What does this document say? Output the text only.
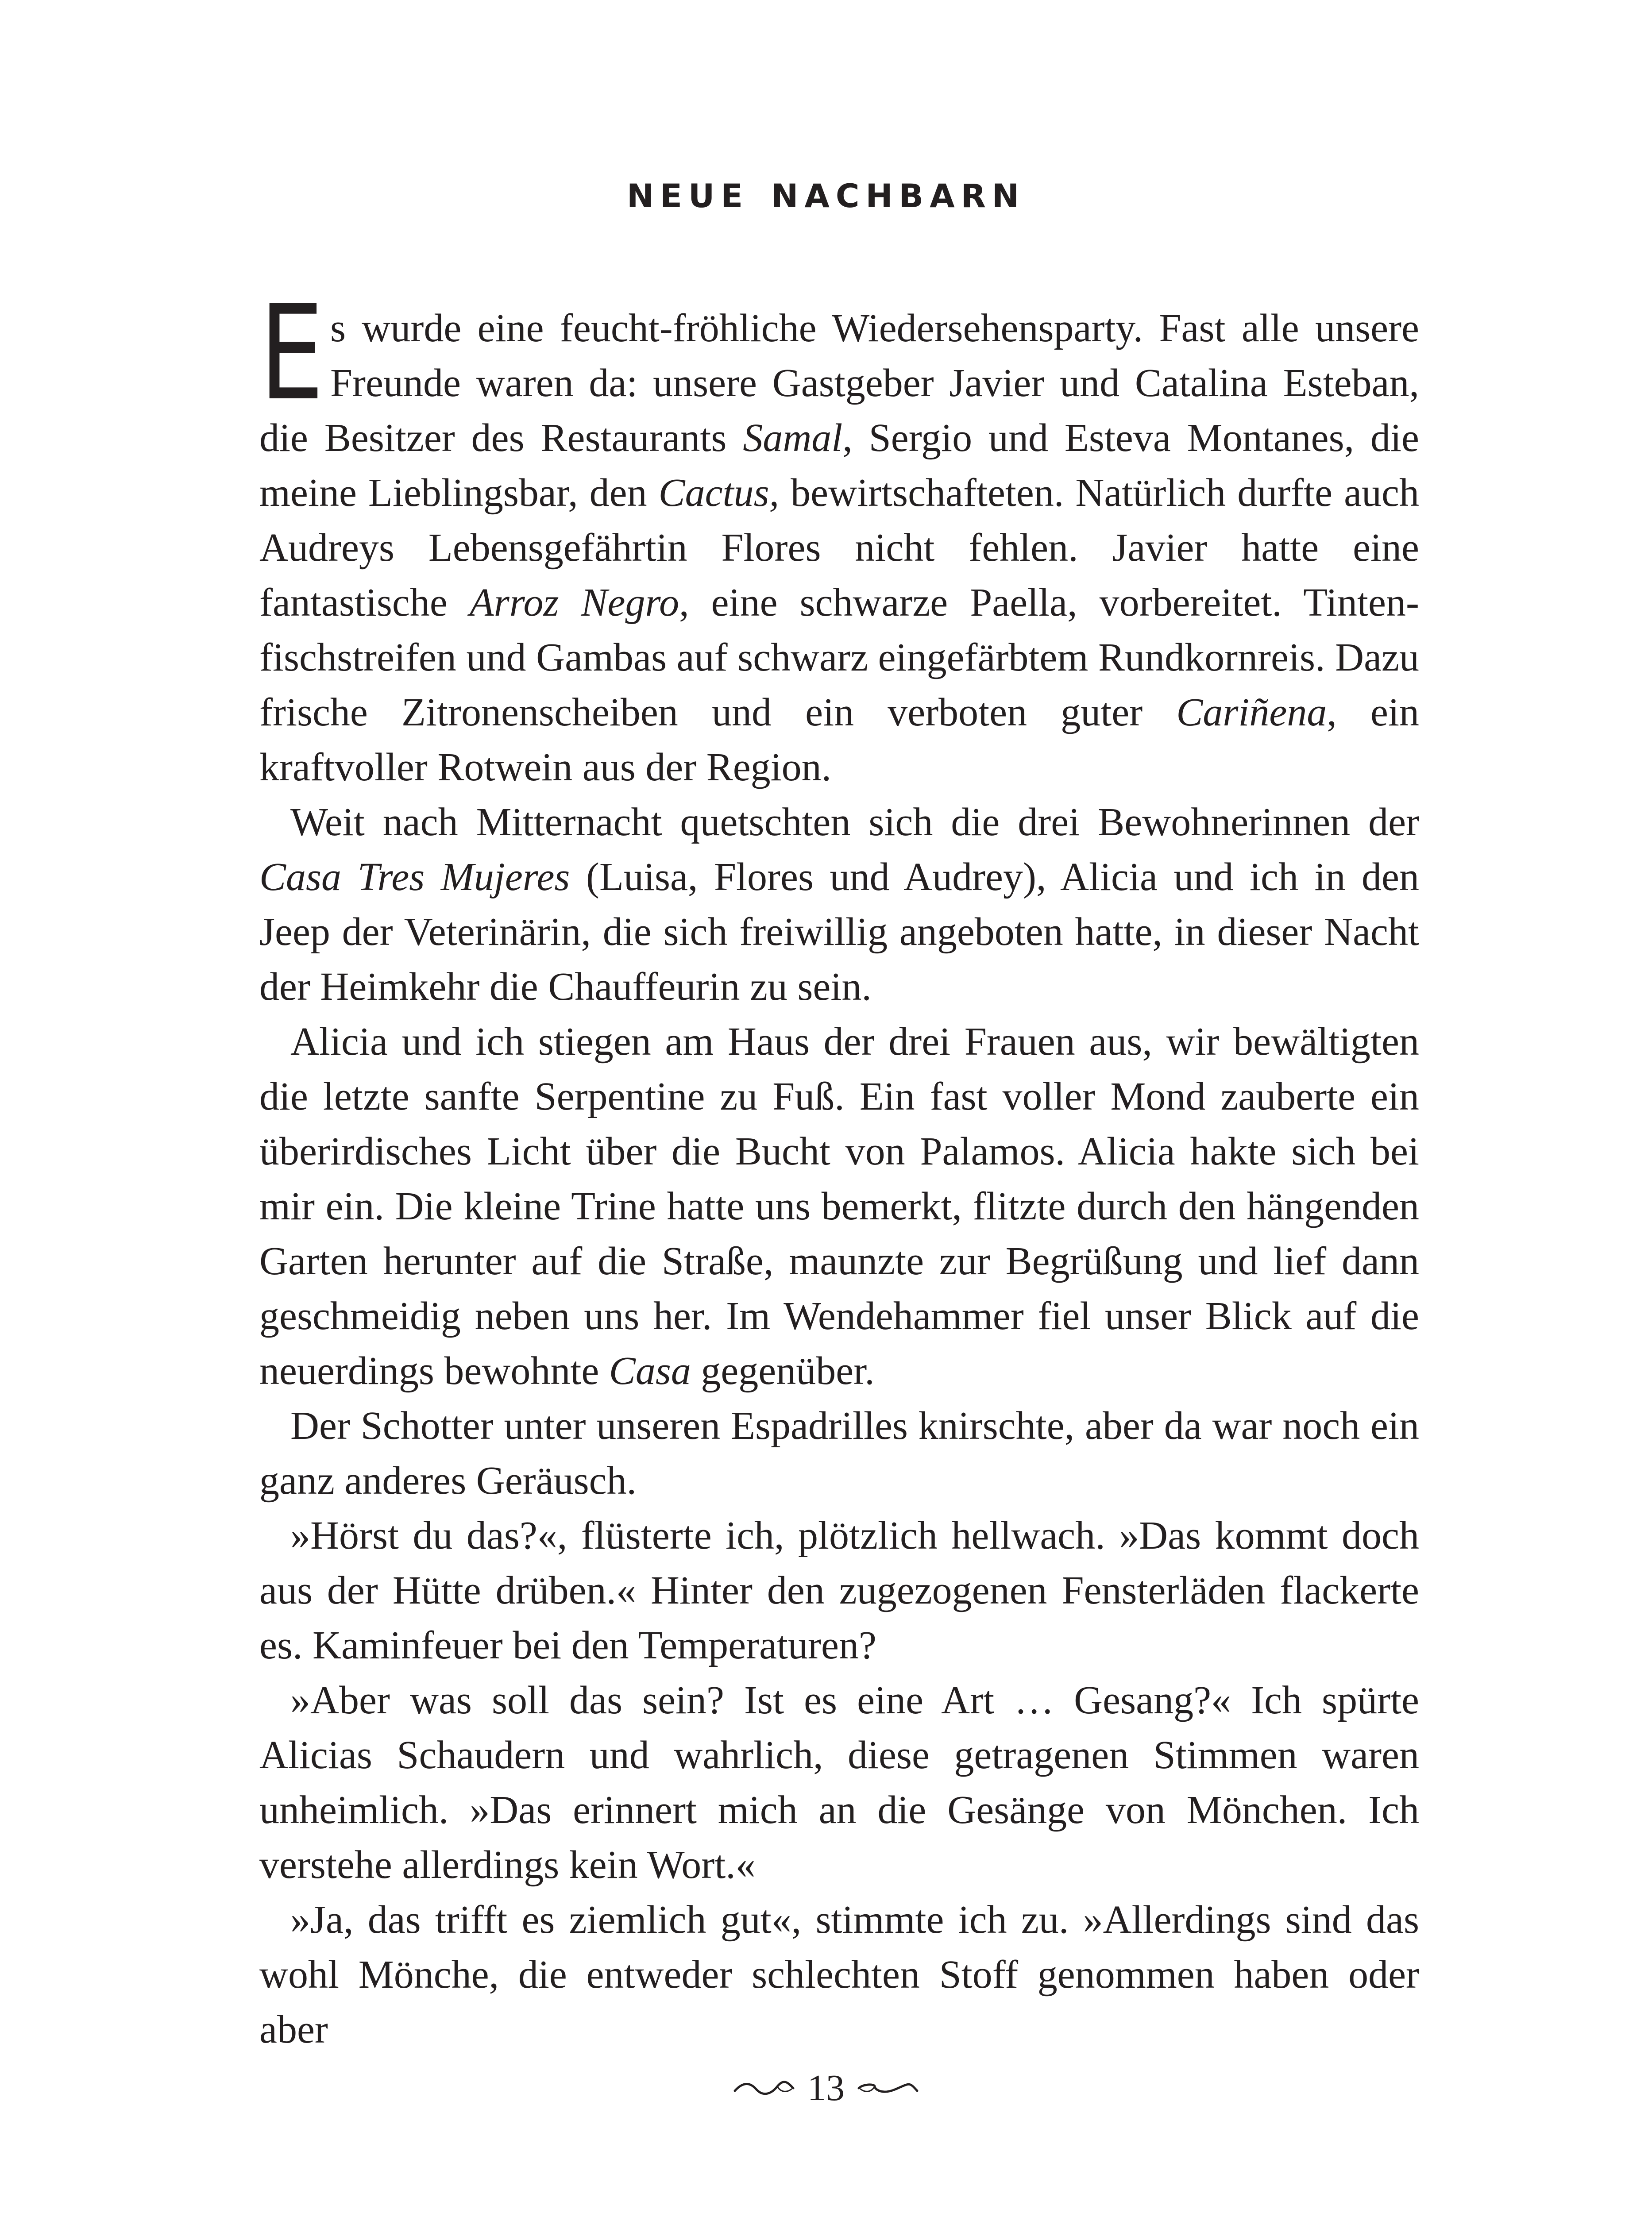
neue nachbarn

Es wurde eine feucht-fröhliche Wiedersehensparty. Fast alle unsere Freunde waren da: unsere Gastgeber Javier und Catalina Esteban, die Besitzer des Restaurants Samal, Sergio und Esteva Montanes, die meine Lieblingsbar, den Cactus, bewirtschafteten. Natürlich durfte auch Audreys Lebensgefährtin Flores nicht fehlen. Javier hatte eine fantastische Arroz Negro, eine schwarze Paella, vorbereitet. Tintenfischstreifen und Gambas auf schwarz eingefärbtem Rundkornreis. Dazu frische Zitronenscheiben und ein verboten guter Cariñena, ein kraftvoller Rotwein aus der Region.

Weit nach Mitternacht quetschten sich die drei Bewohnerinnen der Casa Tres Mujeres (Luisa, Flores und Audrey), Alicia und ich in den Jeep der Veterinärin, die sich freiwillig angeboten hatte, in dieser Nacht der Heimkehr die Chauffeurin zu sein.

Alicia und ich stiegen am Haus der drei Frauen aus, wir bewältigten die letzte sanfte Serpentine zu Fuß. Ein fast voller Mond zauberte ein überirdisches Licht über die Bucht von Palamos. Alicia hakte sich bei mir ein. Die kleine Trine hatte uns bemerkt, flitzte durch den hängenden Garten herunter auf die Straße, maunzte zur Begrüßung und lief dann geschmeidig neben uns her. Im Wendehammer fiel unser Blick auf die neuerdings bewohnte Casa gegenüber.

Der Schotter unter unseren Espadrilles knirschte, aber da war noch ein ganz anderes Geräusch.

»Hörst du das?«, flüsterte ich, plötzlich hellwach. »Das kommt doch aus der Hütte drüben.« Hinter den zugezogenen Fensterläden flackerte es. Kaminfeuer bei den Temperaturen?

»Aber was soll das sein? Ist es eine Art … Gesang?« Ich spürte Alicias Schaudern und wahrlich, diese getragenen Stimmen waren unheimlich. »Das erinnert mich an die Gesänge von Mönchen. Ich verstehe allerdings kein Wort.«

»Ja, das trifft es ziemlich gut«, stimmte ich zu. »Allerdings sind das wohl Mönche, die entweder schlechten Stoff genommen haben oder aber

13
